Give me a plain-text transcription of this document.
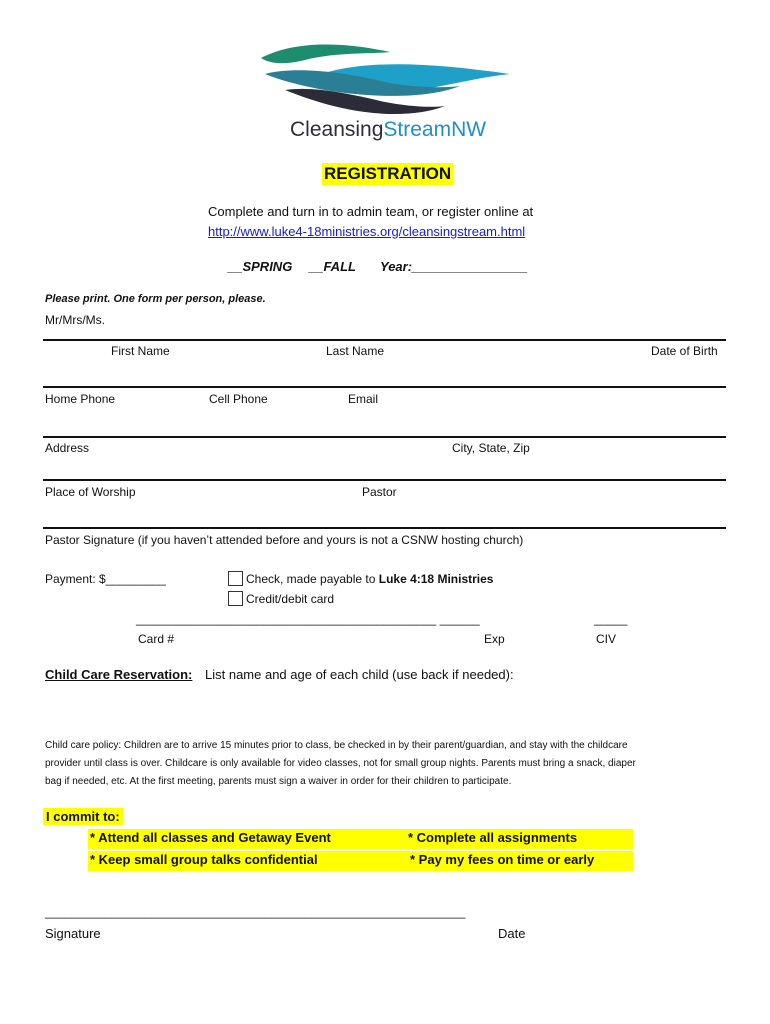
CleansingStreamNW
REGISTRATION
Complete and turn in to admin team, or register online at
http://www.luke4-18ministries.org/cleansingstream.html
__SPRING __FALL Year:________________
Please print. One form per person, please.
Mr/Mrs/Ms.
First Name	Last Name	Date of Birth
Home Phone	Cell Phone	Email
Address	City, State, Zip
Place of Worship	Pastor
Pastor Signature (if you haven’t attended before and yours is not a CSNW hosting church)
Payment: $_________	Check, made payable to Luke 4:18 Ministries
Credit/debit card
_____________________________________________ ______	_____
Card #	Exp	CIV
Child Care Reservation: List name and age of each child (use back if needed):
Child care policy: Children are to arrive 15 minutes prior to class, be checked in by their parent/guardian, and stay with the childcare
provider until class is over. Childcare is only available for video classes, not for small group nights. Parents must bring a snack, diaper
bag if needed, etc. At the first meeting, parents must sign a waiver in order for their children to participate.
I commit to:
* Attend all classes and Getaway Event	* Complete all assignments
* Keep small group talks confidential	* Pay my fees on time or early
_______________________________________________________________
Signature	Date
